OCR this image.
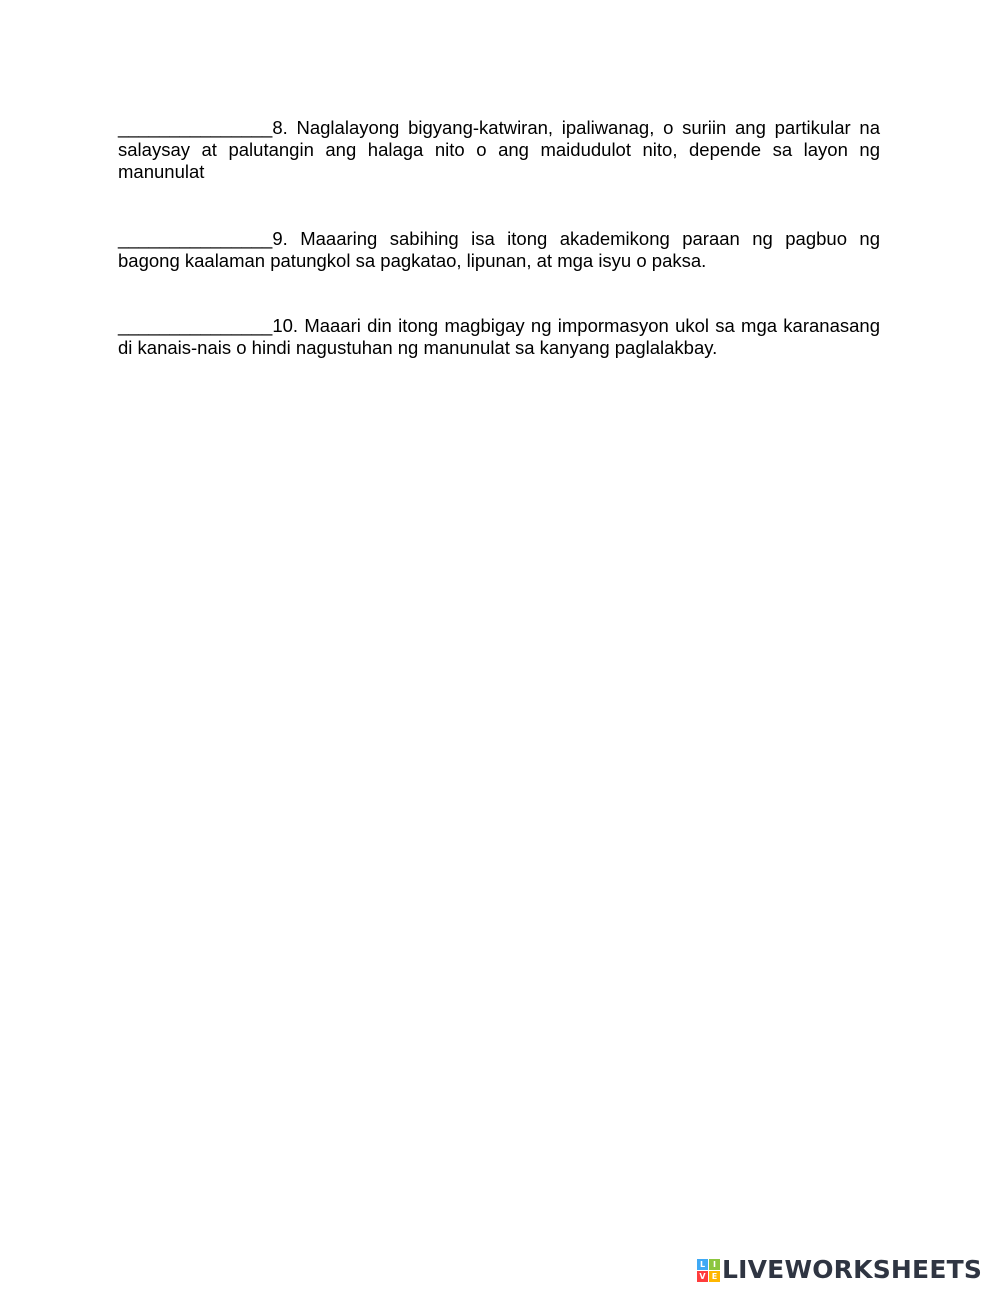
_______________8. Naglalayong bigyang-katwiran, ipaliwanag, o suriin ang partikular na salaysay at palutangin ang halaga nito o ang maidudulot nito, depende sa layon ng manunulat

_______________9. Maaaring sabihing isa itong akademikong paraan ng pagbuo ng bagong kaalaman patungkol sa pagkatao, lipunan, at mga isyu o paksa.

_______________10. Maaari din itong magbigay ng impormasyon ukol sa mga karanasang di kanais-nais o hindi nagustuhan ng manunulat sa kanyang paglalakbay.

L I
V E LIVEWORKSHEETS
